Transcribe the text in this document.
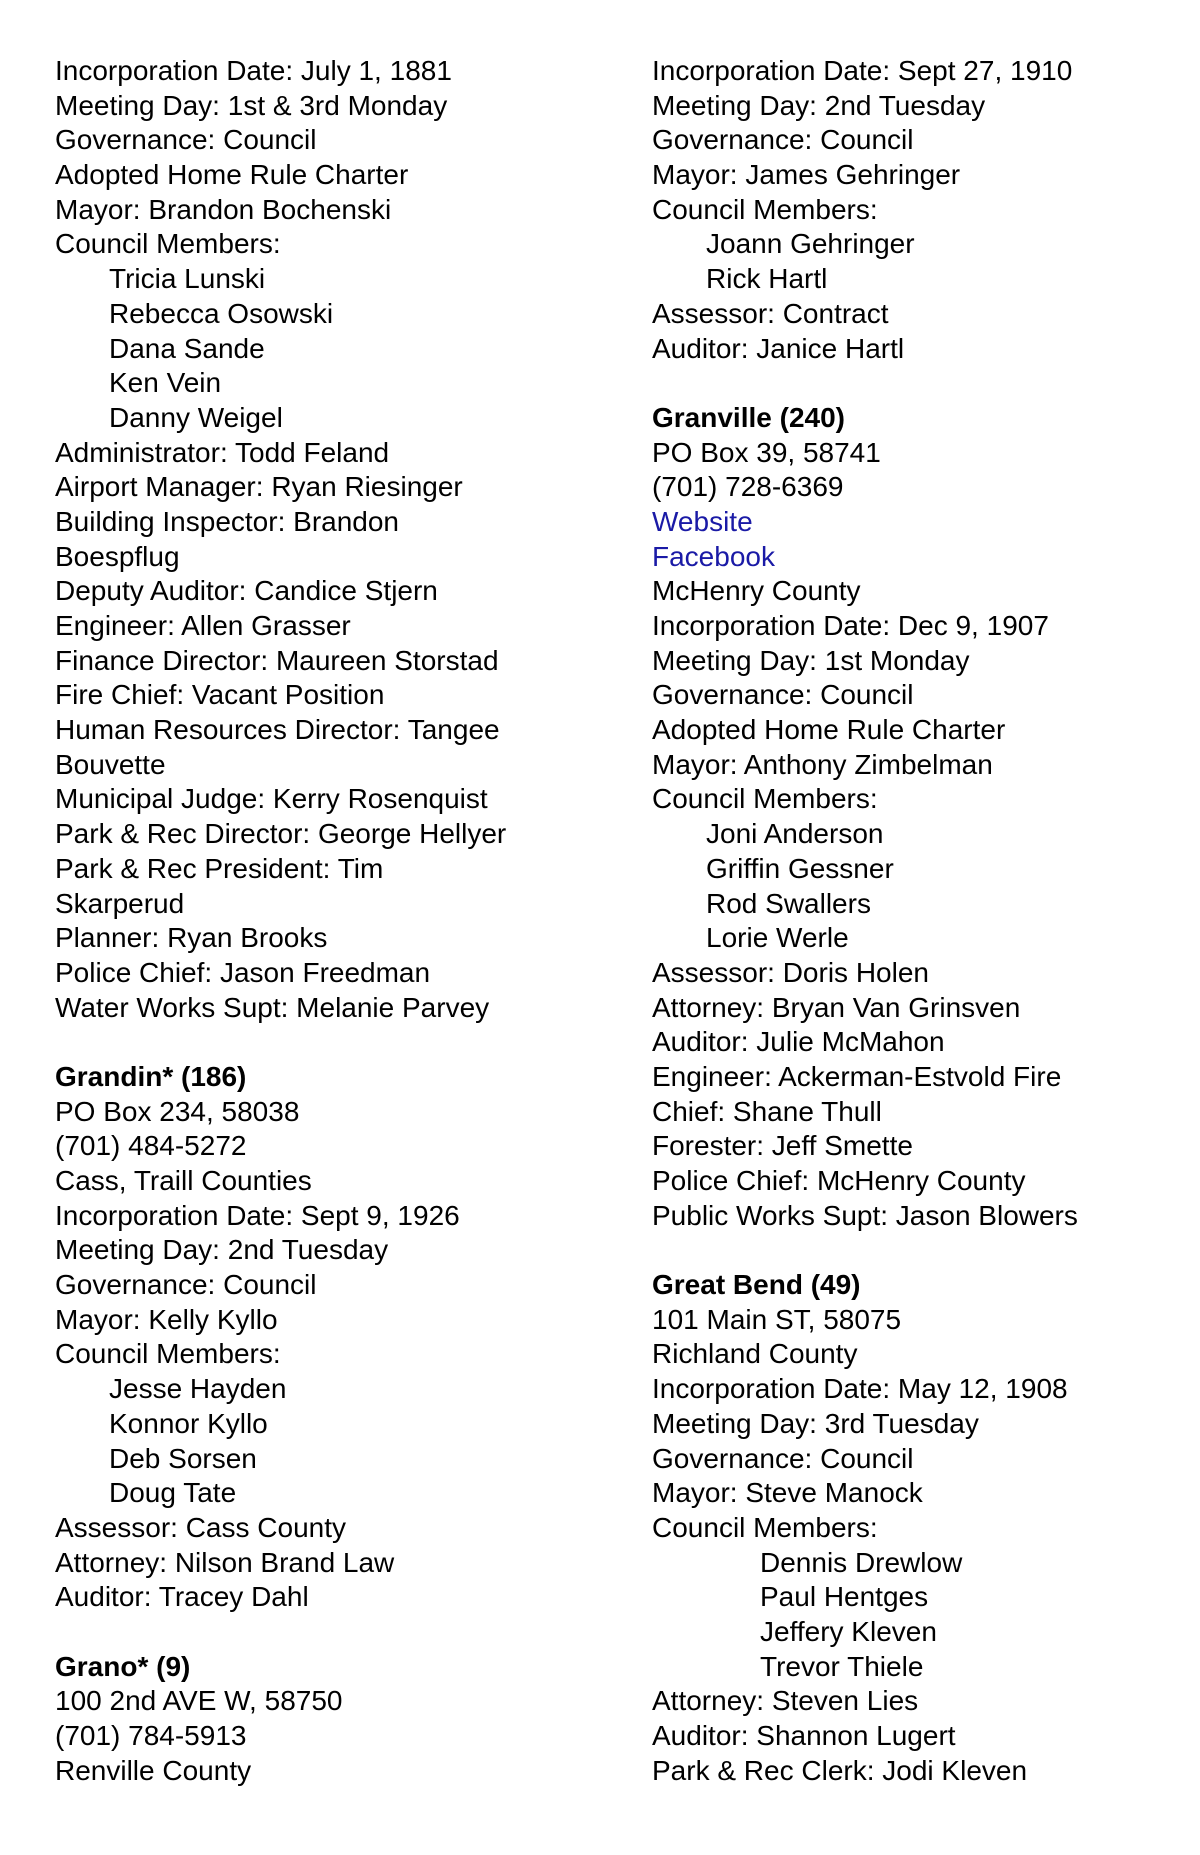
Incorporation Date: July 1, 1881
Meeting Day: 1st & 3rd Monday
Governance: Council
Adopted Home Rule Charter
Mayor: Brandon Bochenski
Council Members:
Tricia Lunski
Rebecca Osowski
Dana Sande
Ken Vein
Danny Weigel
Administrator: Todd Feland
Airport Manager: Ryan Riesinger
Building Inspector: Brandon
Boespflug
Deputy Auditor: Candice Stjern
Engineer: Allen Grasser
Finance Director: Maureen Storstad
Fire Chief: Vacant Position
Human Resources Director: Tangee
Bouvette
Municipal Judge: Kerry Rosenquist
Park & Rec Director: George Hellyer
Park & Rec President: Tim
Skarperud
Planner: Ryan Brooks
Police Chief: Jason Freedman
Water Works Supt: Melanie Parvey
Grandin* (186)
PO Box 234, 58038
(701) 484-5272
Cass, Traill Counties
Incorporation Date: Sept 9, 1926
Meeting Day: 2nd Tuesday
Governance: Council
Mayor: Kelly Kyllo
Council Members:
Jesse Hayden
Konnor Kyllo
Deb Sorsen
Doug Tate
Assessor: Cass County
Attorney: Nilson Brand Law
Auditor: Tracey Dahl
Grano* (9)
100 2nd AVE W, 58750
(701) 784-5913
Renville County
Incorporation Date: Sept 27, 1910
Meeting Day: 2nd Tuesday
Governance: Council
Mayor: James Gehringer
Council Members:
Joann Gehringer
Rick Hartl
Assessor: Contract
Auditor: Janice Hartl
Granville (240)
PO Box 39, 58741
(701) 728-6369
Website
Facebook
McHenry County
Incorporation Date: Dec 9, 1907
Meeting Day: 1st Monday
Governance: Council
Adopted Home Rule Charter
Mayor: Anthony Zimbelman
Council Members:
Joni Anderson
Griffin Gessner
Rod Swallers
Lorie Werle
Assessor: Doris Holen
Attorney: Bryan Van Grinsven
Auditor: Julie McMahon
Engineer: Ackerman-Estvold Fire
Chief: Shane Thull
Forester: Jeff Smette
Police Chief: McHenry County
Public Works Supt: Jason Blowers
Great Bend (49)
101 Main ST, 58075
Richland County
Incorporation Date: May 12, 1908
Meeting Day: 3rd Tuesday
Governance: Council
Mayor: Steve Manock
Council Members:
Dennis Drewlow
Paul Hentges
Jeffery Kleven
Trevor Thiele
Attorney: Steven Lies
Auditor: Shannon Lugert
Park & Rec Clerk: Jodi Kleven
